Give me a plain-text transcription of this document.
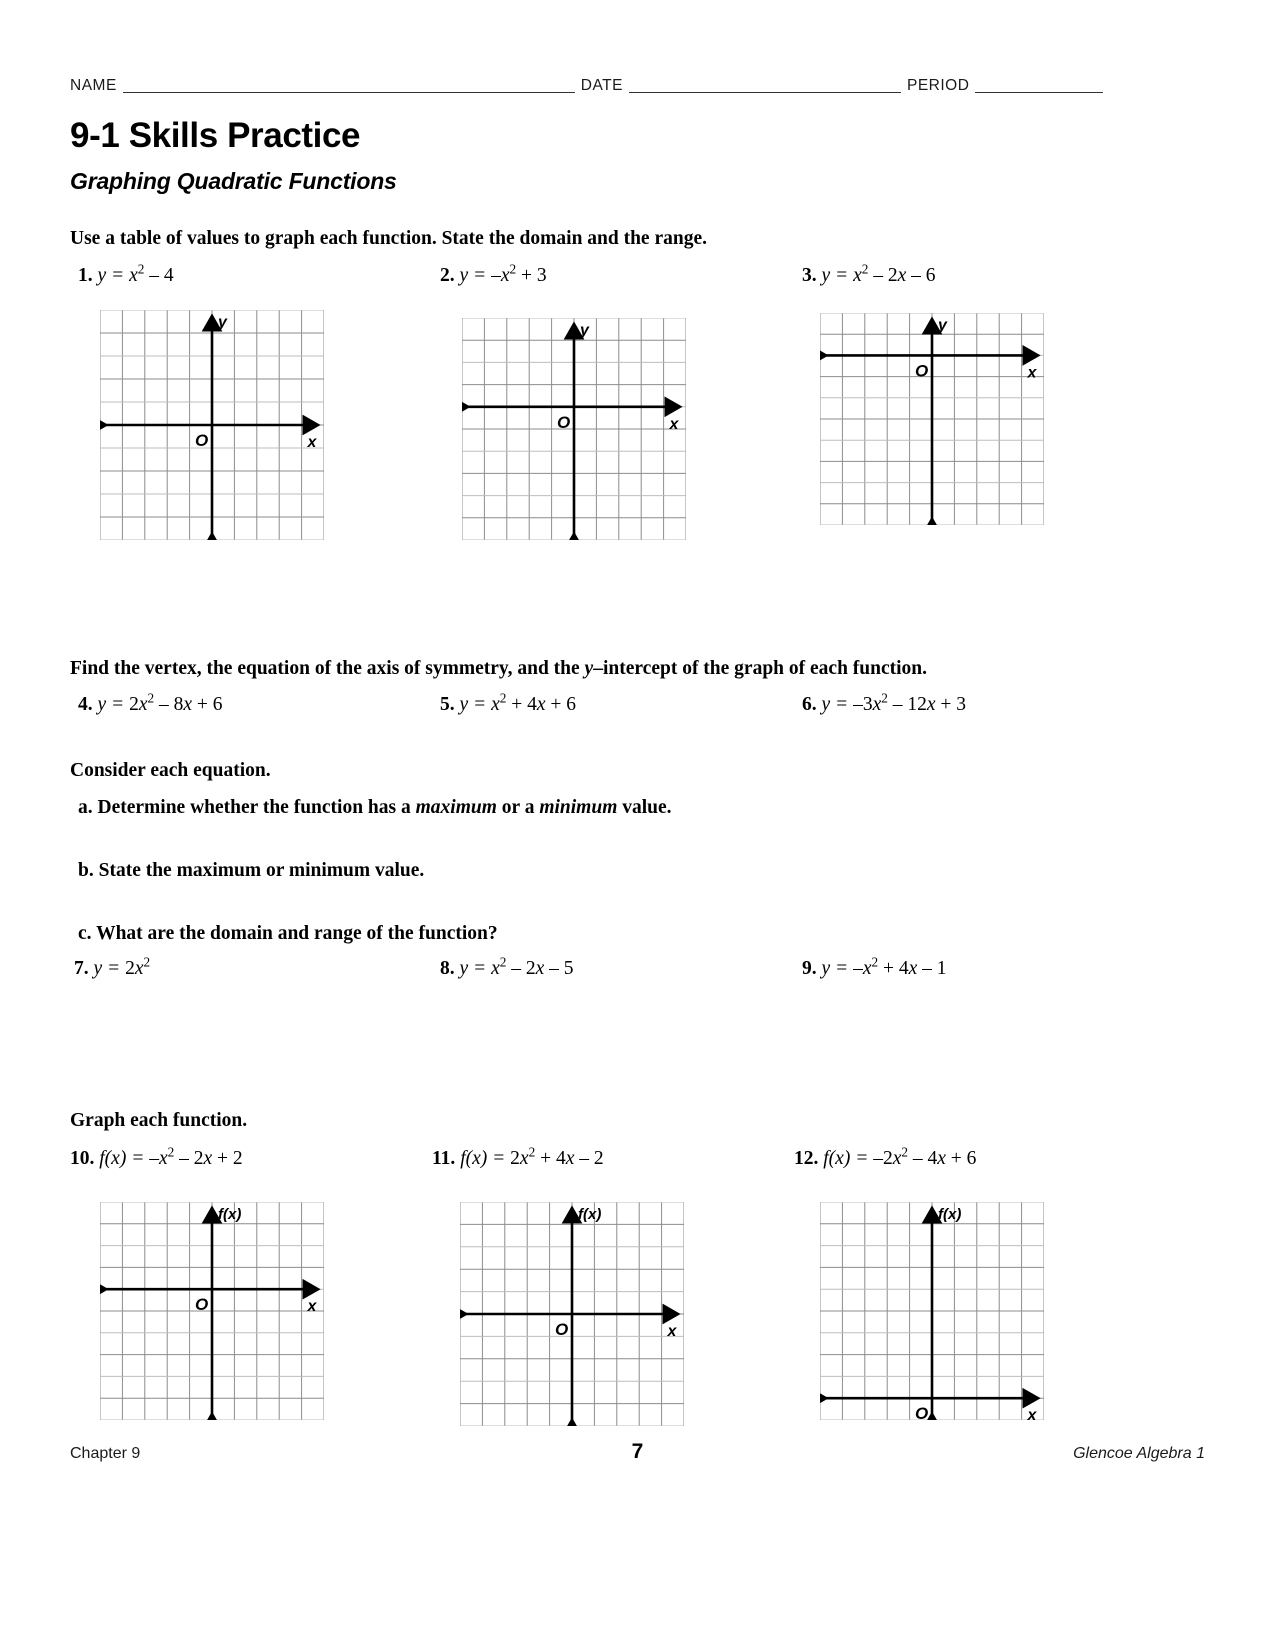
NAME	DATE	PERIOD
9-1 Skills Practice
Graphing Quadratic Functions
Use a table of values to graph each function. State the domain and the range.
1. $y = x^2 - 4$	2. $y = -x^2 + 3$	3. $y = x^2 - 2x - 6$
y
x
O
y
x
O
y
x
O
Find the vertex, the equation of the axis of symmetry, and the y–intercept of the graph of each function.
4. $y = 2x^2 - 8x + 6$	5. $y = x^2 + 4x + 6$	6. $y = -3x^2 - 12x + 3$
Consider each equation.
a. Determine whether the function has a maximum or a minimum value.
b. State the maximum or minimum value.
c. What are the domain and range of the function?
7. $y = 2x^2$	8. $y = x^2 - 2x - 5$	9. $y = -x^2 + 4x - 1$
Graph each function.
10. $f(x) = -x^2 - 2x + 2$	11. $f(x) = 2x^2 + 4x - 2$	12. $f(x) = -2x^2 - 4x + 6$
f(x)
x
O
f(x)
x
O
f(x)
x
O
Chapter 9	7	Glencoe Algebra 1
